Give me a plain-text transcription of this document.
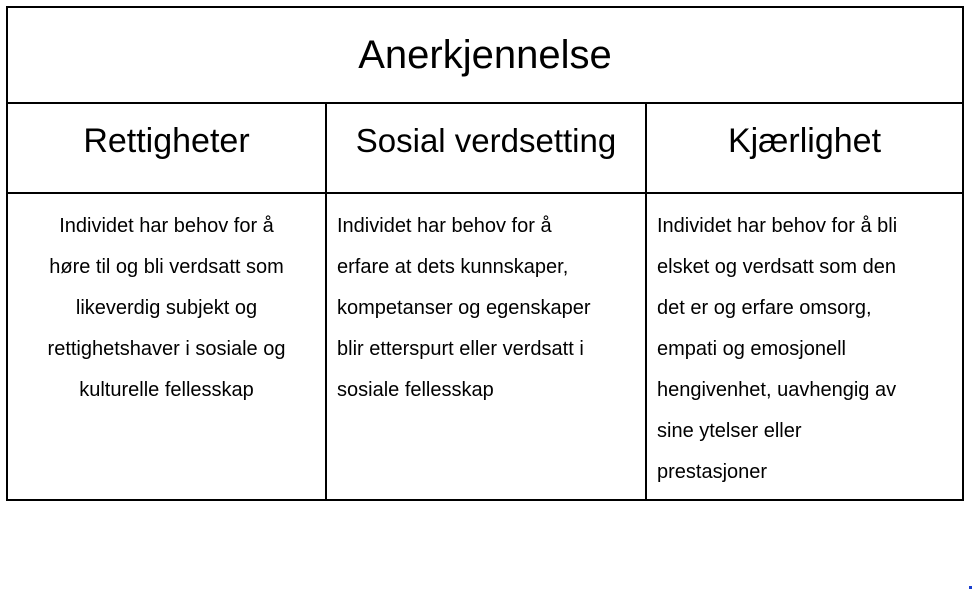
Anerkjennelse
Rettigheter
Individet har behov for å
høre til og bli verdsatt som
likeverdig subjekt og
rettighetshaver i sosiale og
kulturelle fellesskap
Sosial verdsetting
Individet har behov for å
erfare at dets kunnskaper,
kompetanser og egenskaper
blir etterspurt eller verdsatt i
sosiale fellesskap
Kjærlighet
Individet har behov for å bli
elsket og verdsatt som den
det er og erfare omsorg,
empati og emosjonell
hengivenhet, uavhengig av
sine ytelser eller
prestasjoner
